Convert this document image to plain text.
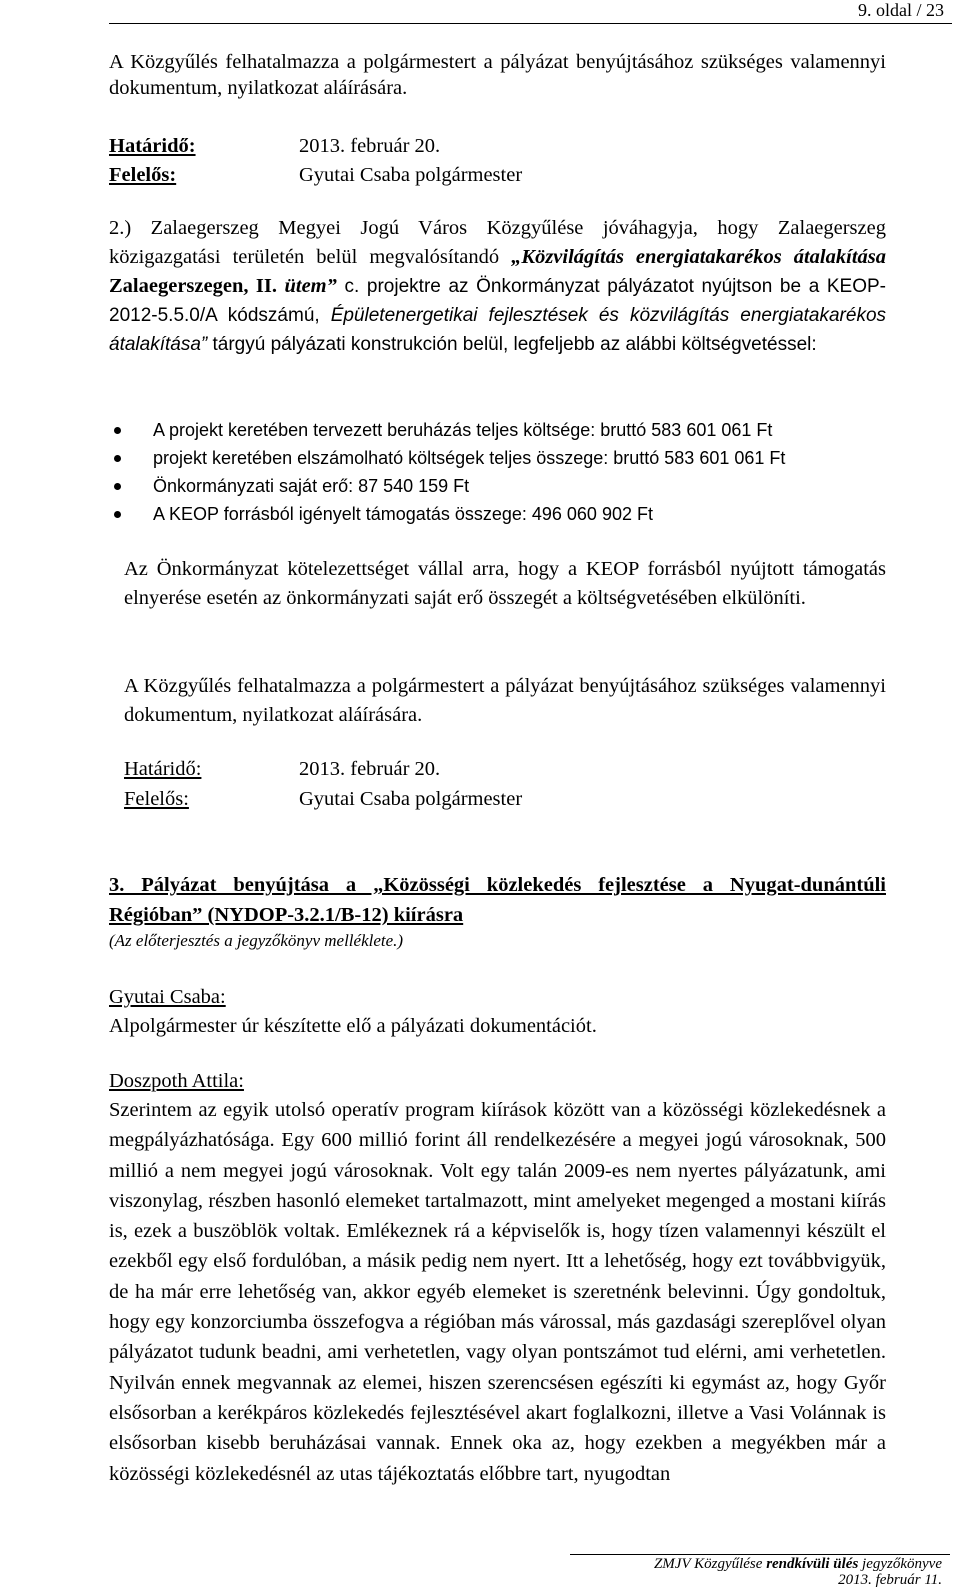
9. oldal / 23
A Közgyűlés felhatalmazza a polgármestert a pályázat benyújtásához szükséges valamennyi dokumentum, nyilatkozat aláírására.
Határidő:	2013. február 20.
Felelős:	Gyutai Csaba polgármester
2.) Zalaegerszeg Megyei Jogú Város Közgyűlése jóváhagyja, hogy Zalaegerszeg közigazgatási területén belül megvalósítandó „Közvilágítás energiatakarékos átalakítása Zalaegerszegen, II. ütem” c. projektre az Önkormányzat pályázatot nyújtson be a KEOP-2012-5.5.0/A kódszámú, Épületenergetikai fejlesztések és közvilágítás energiatakarékos átalakítása” tárgyú pályázati konstrukción belül, legfeljebb az alábbi költségvetéssel:
A projekt keretében tervezett beruházás teljes költsége: bruttó 583 601 061 Ft
projekt keretében elszámolható költségek teljes összege: bruttó 583 601 061 Ft
Önkormányzati saját erő: 87 540 159 Ft
A KEOP forrásból igényelt támogatás összege: 496 060 902 Ft
Az Önkormányzat kötelezettséget vállal arra, hogy a KEOP forrásból nyújtott támogatás elnyerése esetén az önkormányzati saját erő összegét a költségvetésében elkülöníti.
A Közgyűlés felhatalmazza a polgármestert a pályázat benyújtásához szükséges valamennyi dokumentum, nyilatkozat aláírására.
Határidő:	2013. február 20.
Felelős:	Gyutai Csaba polgármester
3. Pályázat benyújtása a „Közösségi közlekedés fejlesztése a Nyugat-dunántúli Régióban” (NYDOP-3.2.1/B-12) kiírásra
(Az előterjesztés a jegyzőkönyv melléklete.)
Gyutai Csaba:
Alpolgármester úr készítette elő a pályázati dokumentációt.
Doszpoth Attila:
Szerintem az egyik utolsó operatív program kiírások között van a közösségi közlekedésnek a megpályázhatósága. Egy 600 millió forint áll rendelkezésére a megyei jogú városoknak, 500 millió a nem megyei jogú városoknak. Volt egy talán 2009-es nem nyertes pályázatunk, ami viszonylag, részben hasonló elemeket tartalmazott, mint amelyeket megenged a mostani kiírás is, ezek a buszöblök voltak. Emlékeznek rá a képviselők is, hogy tízen valamennyi készült el ezekből egy első fordulóban, a másik pedig nem nyert. Itt a lehetőség, hogy ezt továbbvigyük, de ha már erre lehetőség van, akkor egyéb elemeket is szeretnénk belevinni. Úgy gondoltuk, hogy egy konzorciumba összefogva a régióban más várossal, más gazdasági szereplővel olyan pályázatot tudunk beadni, ami verhetetlen, vagy olyan pontszámot tud elérni, ami verhetetlen. Nyilván ennek megvannak az elemei, hiszen szerencsésen egészíti ki egymást az, hogy Győr elsősorban a kerékpáros közlekedés fejlesztésével akart foglalkozni, illetve a Vasi Volánnak is elsősorban kisebb beruházásai vannak. Ennek oka az, hogy ezekben a megyékben már a közösségi közlekedésnél az utas tájékoztatás előbbre tart, nyugodtan
ZMJV Közgyűlése rendkívüli ülés jegyzőkönyve
2013. február 11.
